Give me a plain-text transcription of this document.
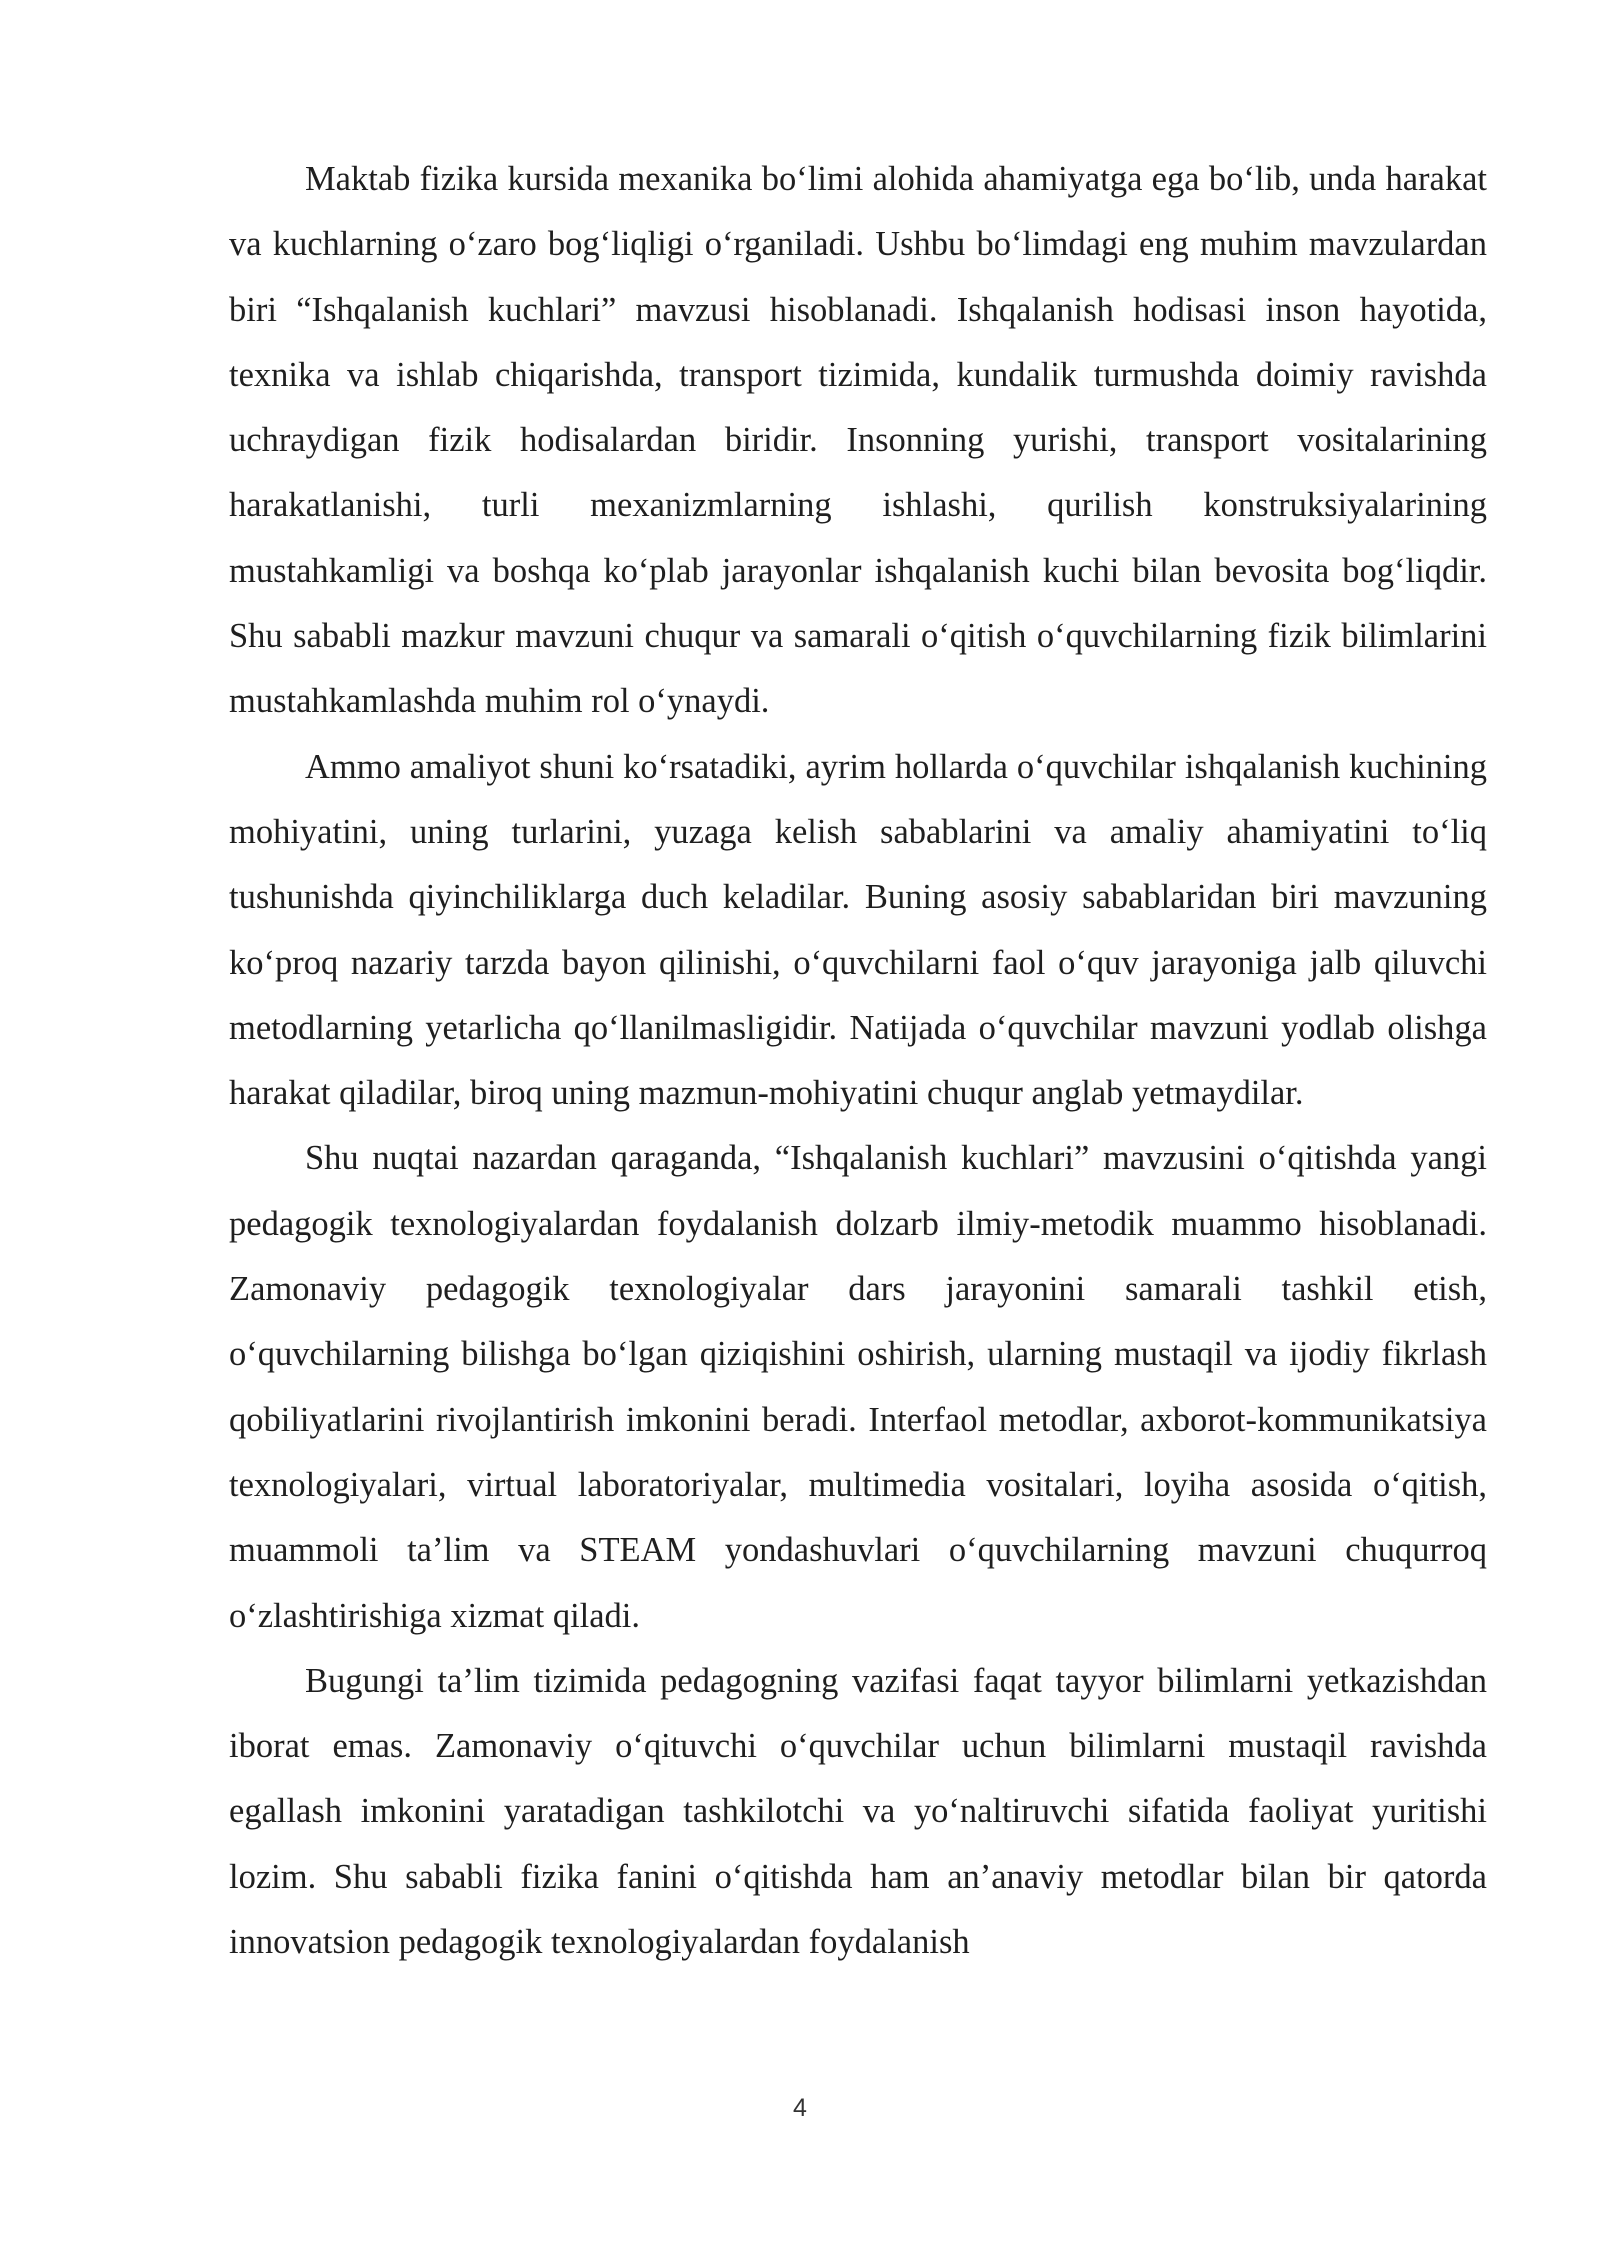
Maktab fizika kursida mexanika bo‘limi alohida ahamiyatga ega bo‘lib, unda harakat va kuchlarning o‘zaro bog‘liqligi o‘rganiladi. Ushbu bo‘limdagi eng muhim mavzulardan biri “Ishqalanish kuchlari” mavzusi hisoblanadi. Ishqalanish hodisasi inson hayotida, texnika va ishlab chiqarishda, transport tizimida, kundalik turmushda doimiy ravishda uchraydigan fizik hodisalardan biridir. Insonning yurishi, transport vositalarining harakatlanishi, turli mexanizmlarning ishlashi, qurilish konstruksiyalarining mustahkamligi va boshqa ko‘plab jarayonlar ishqalanish kuchi bilan bevosita bog‘liqdir. Shu sababli mazkur mavzuni chuqur va samarali o‘qitish o‘quvchilarning fizik bilimlarini mustahkamlashda muhim rol o‘ynaydi.

Ammo amaliyot shuni ko‘rsatadiki, ayrim hollarda o‘quvchilar ishqalanish kuchining mohiyatini, uning turlarini, yuzaga kelish sabablarini va amaliy ahamiyatini to‘liq tushunishda qiyinchiliklarga duch keladilar. Buning asosiy sabablaridan biri mavzuning ko‘proq nazariy tarzda bayon qilinishi, o‘quvchilarni faol o‘quv jarayoniga jalb qiluvchi metodlarning yetarlicha qo‘llanilmasligidir. Natijada o‘quvchilar mavzuni yodlab olishga harakat qiladilar, biroq uning mazmun-mohiyatini chuqur anglab yetmaydilar.

Shu nuqtai nazardan qaraganda, “Ishqalanish kuchlari” mavzusini o‘qitishda yangi pedagogik texnologiyalardan foydalanish dolzarb ilmiy-metodik muammo hisoblanadi. Zamonaviy pedagogik texnologiyalar dars jarayonini samarali tashkil etish, o‘quvchilarning bilishga bo‘lgan qiziqishini oshirish, ularning mustaqil va ijodiy fikrlash qobiliyatlarini rivojlantirish imkonini beradi. Interfaol metodlar, axborot-kommunikatsiya texnologiyalari, virtual laboratoriyalar, multimedia vositalari, loyiha asosida o‘qitish, muammoli ta’lim va STEAM yondashuvlari o‘quvchilarning mavzuni chuqurroq o‘zlashtirishiga xizmat qiladi.

Bugungi ta’lim tizimida pedagogning vazifasi faqat tayyor bilimlarni yetkazishdan iborat emas. Zamonaviy o‘qituvchi o‘quvchilar uchun bilimlarni mustaqil ravishda egallash imkonini yaratadigan tashkilotchi va yo‘naltiruvchi sifatida faoliyat yuritishi lozim. Shu sababli fizika fanini o‘qitishda ham an’anaviy metodlar bilan bir qatorda innovatsion pedagogik texnologiyalardan foydalanish

4
